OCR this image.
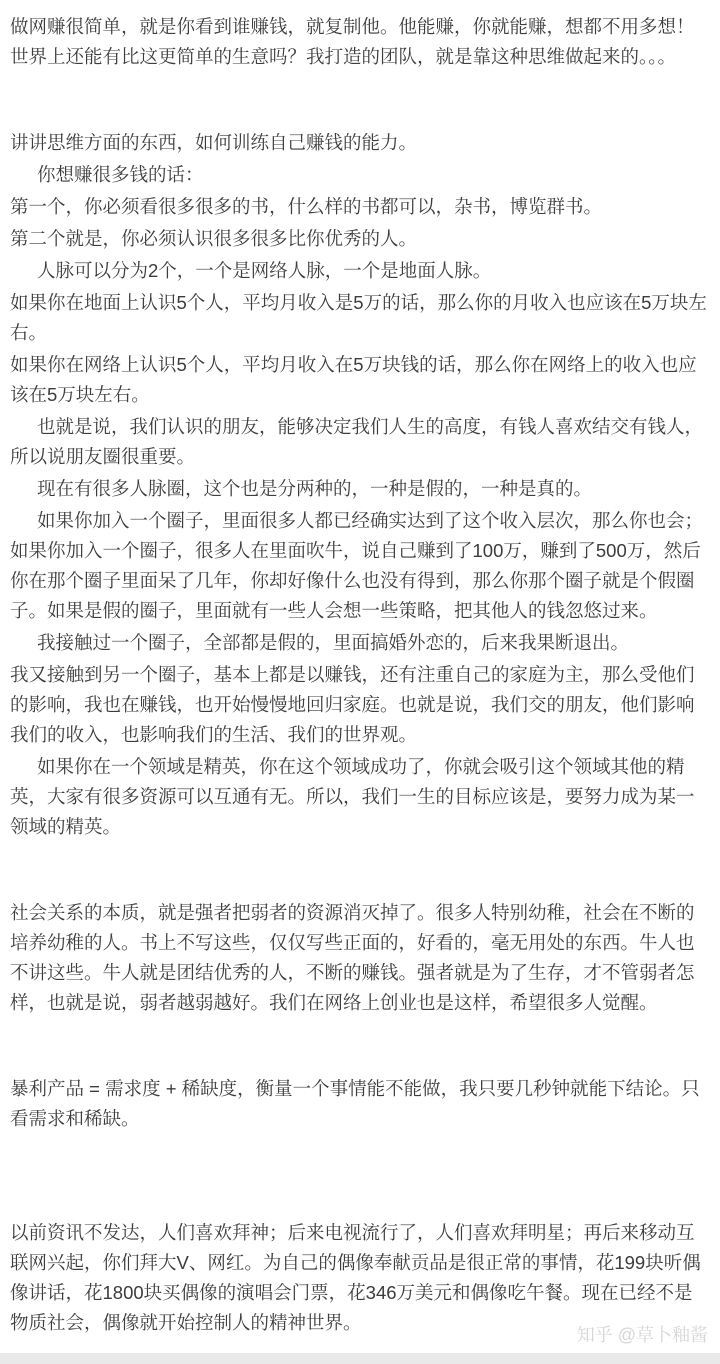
做网赚很简单，就是你看到谁赚钱，就复制他。他能赚，你就能赚，想都不用多想！世界上还能有比这更简单的生意吗？我打造的团队，就是靠这种思维做起来的。。。

讲讲思维方面的东西，如何训练自己赚钱的能力。

你想赚很多钱的话：

第一个，你必须看很多很多的书，什么样的书都可以，杂书，博览群书。

第二个就是，你必须认识很多很多比你优秀的人。

人脉可以分为2个，一个是网络人脉，一个是地面人脉。

如果你在地面上认识5个人，平均月收入是5万的话，那么你的月收入也应该在5万块左右。

如果你在网络上认识5个人，平均月收入在5万块钱的话，那么你在网络上的收入也应该在5万块左右。

也就是说，我们认识的朋友，能够决定我们人生的高度，有钱人喜欢结交有钱人，所以说朋友圈很重要。

现在有很多人脉圈，这个也是分两种的，一种是假的，一种是真的。

如果你加入一个圈子，里面很多人都已经确实达到了这个收入层次，那么你也会；如果你加入一个圈子，很多人在里面吹牛，说自己赚到了100万，赚到了500万，然后你在那个圈子里面呆了几年，你却好像什么也没有得到，那么你那个圈子就是个假圈子。如果是假的圈子，里面就有一些人会想一些策略，把其他人的钱忽悠过来。

我接触过一个圈子，全部都是假的，里面搞婚外恋的，后来我果断退出。

我又接触到另一个圈子，基本上都是以赚钱，还有注重自己的家庭为主，那么受他们的影响，我也在赚钱，也开始慢慢地回归家庭。也就是说，我们交的朋友，他们影响我们的收入，也影响我们的生活、我们的世界观。

如果你在一个领域是精英，你在这个领域成功了，你就会吸引这个领域其他的精英，大家有很多资源可以互通有无。所以，我们一生的目标应该是，要努力成为某一领域的精英。

社会关系的本质，就是强者把弱者的资源消灭掉了。很多人特别幼稚，社会在不断的培养幼稚的人。书上不写这些，仅仅写些正面的，好看的，毫无用处的东西。牛人也不讲这些。牛人就是团结优秀的人，不断的赚钱。强者就是为了生存，才不管弱者怎样，也就是说，弱者越弱越好。我们在网络上创业也是这样，希望很多人觉醒。

暴利产品 = 需求度 + 稀缺度，衡量一个事情能不能做，我只要几秒钟就能下结论。只看需求和稀缺。

以前资讯不发达，人们喜欢拜神；后来电视流行了，人们喜欢拜明星；再后来移动互联网兴起，你们拜大V、网红。为自己的偶像奉献贡品是很正常的事情，花199块听偶像讲话，花1800块买偶像的演唱会门票，花346万美元和偶像吃午餐。现在已经不是物质社会，偶像就开始控制人的精神世界。

知乎 @草卜釉酱
